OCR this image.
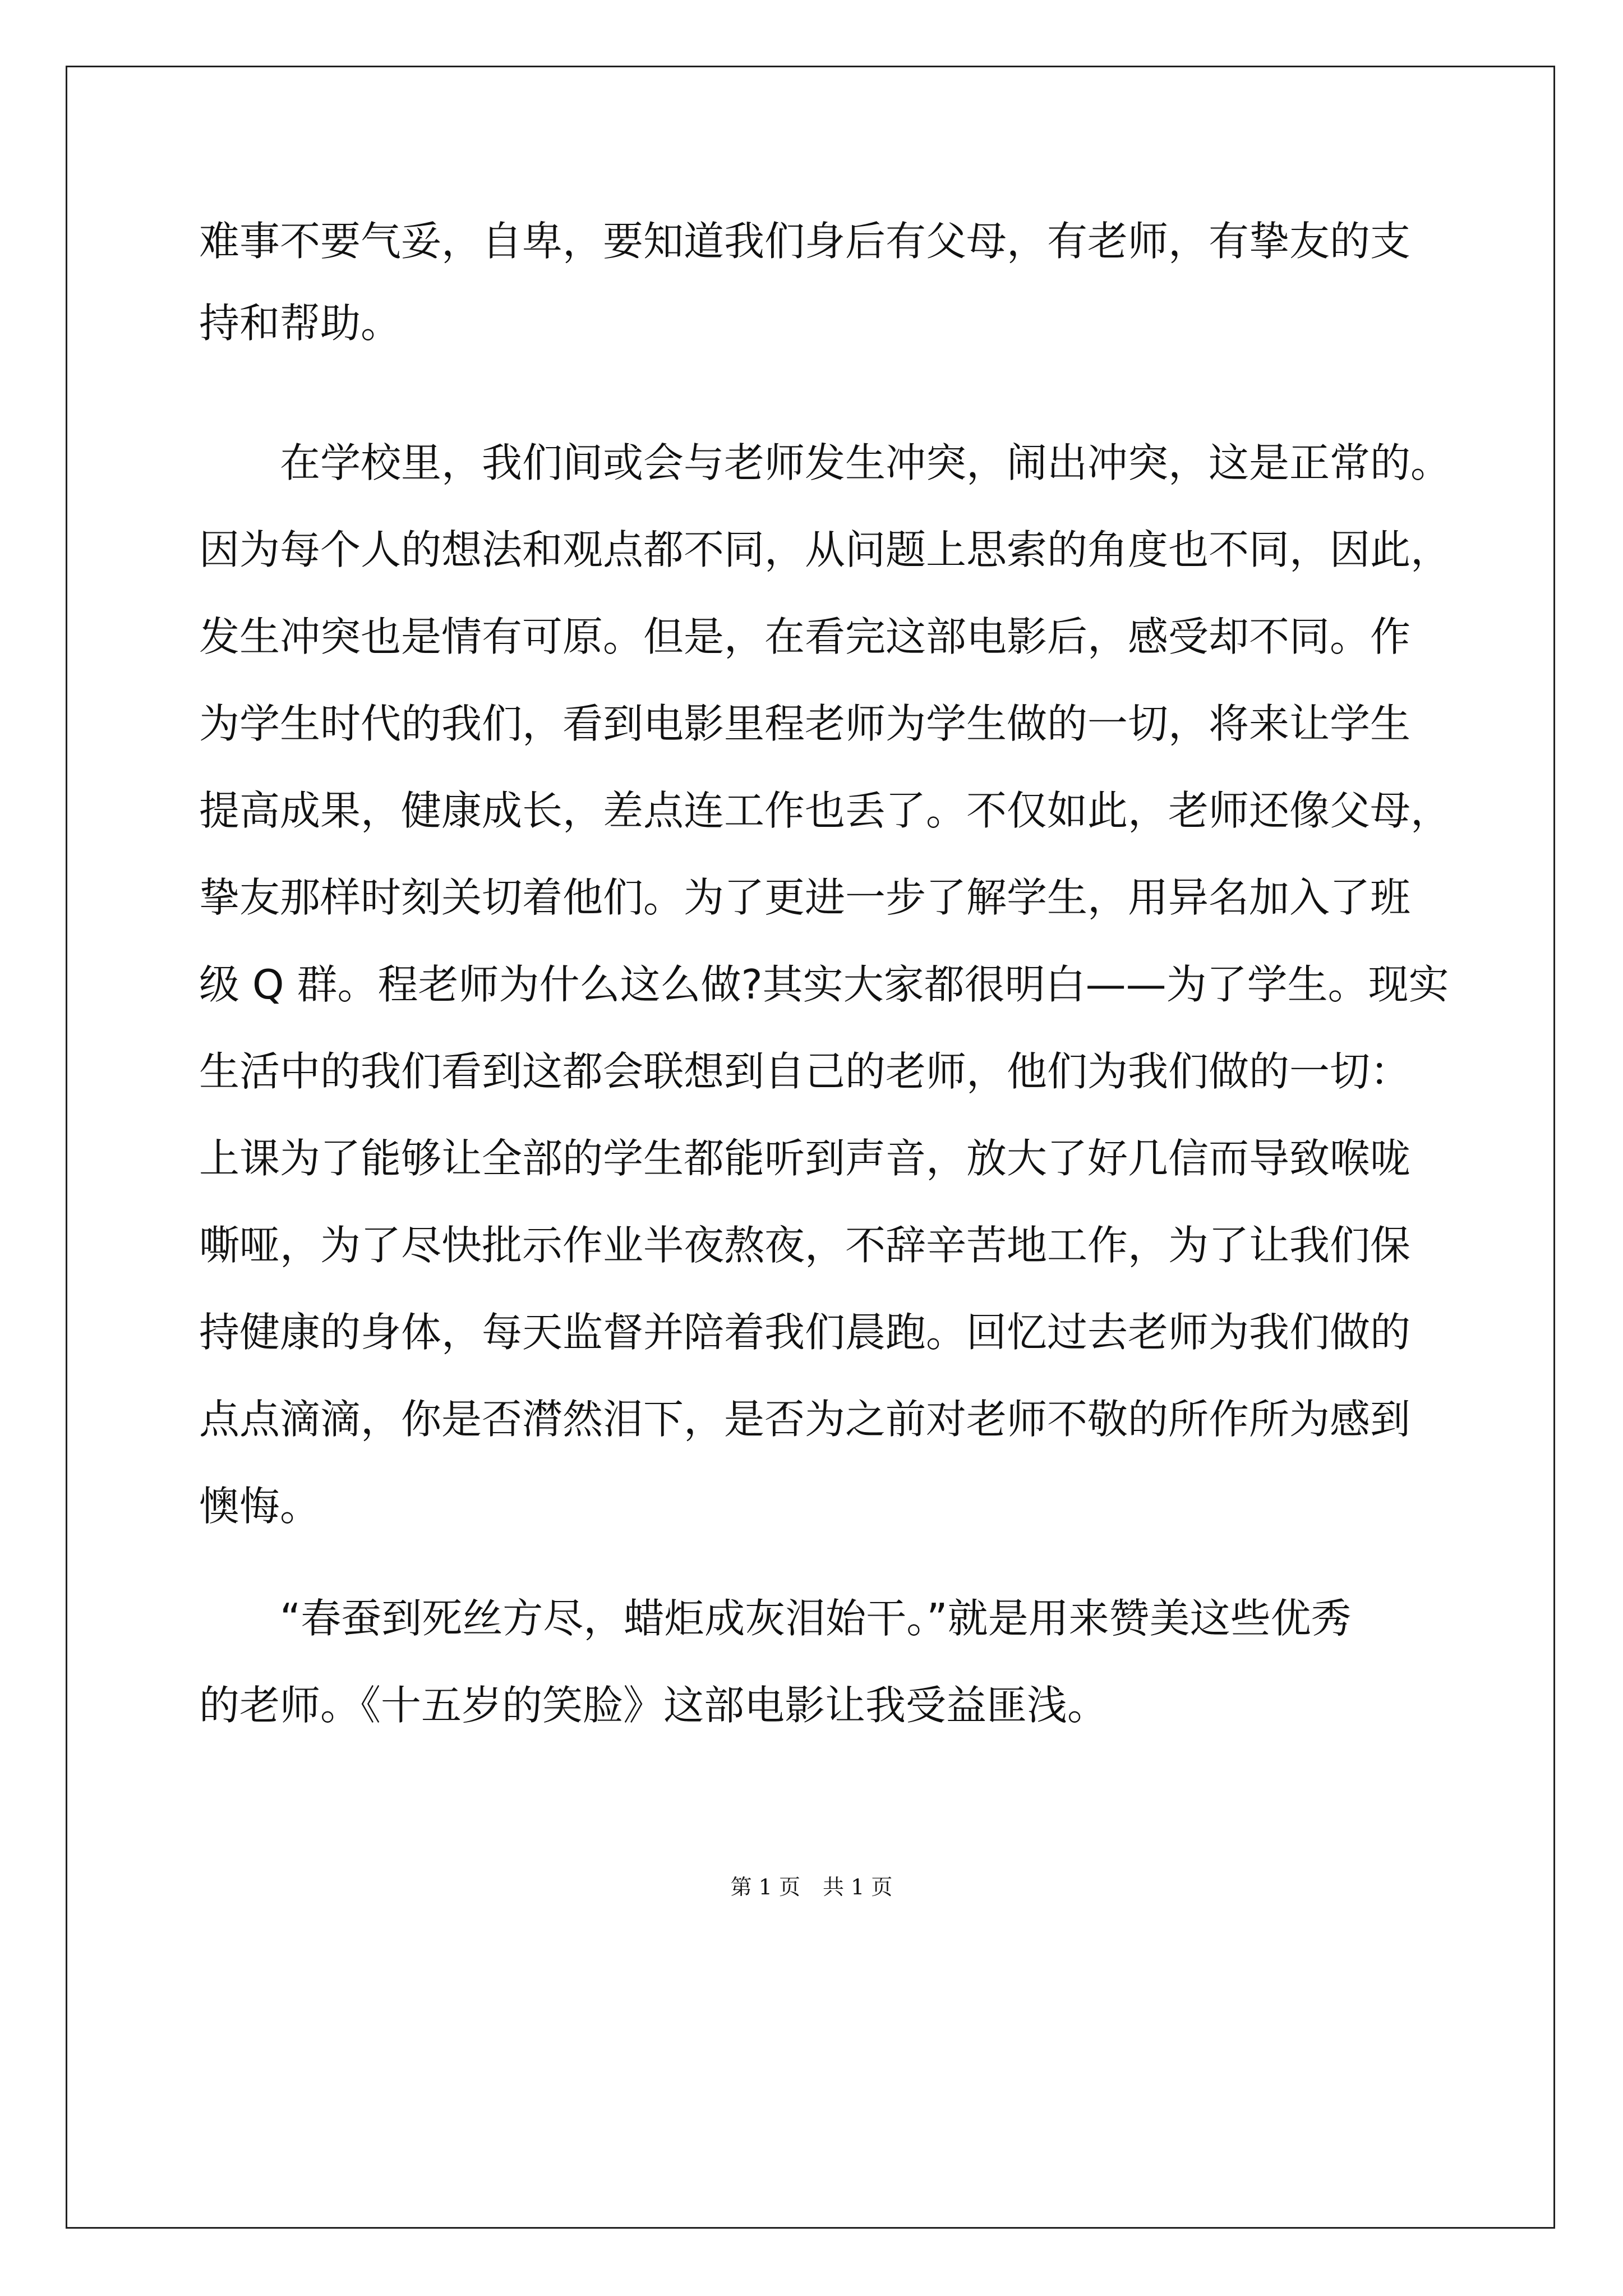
难事不要气妥，自卑，要知道我们身后有父母，有老师，有挚友的支
持和帮助。
　　在学校里，我们间或会与老师发生冲突，闹出冲突，这是正常的。
因为每个人的想法和观点都不同，从问题上思索的角度也不同，因此，
发生冲突也是情有可原。但是，在看完这部电影后，感受却不同。作
为学生时代的我们，看到电影里程老师为学生做的一切，将来让学生
提高成果，健康成长，差点连工作也丢了。不仅如此，老师还像父母，
挚友那样时刻关切着他们。为了更进一步了解学生，用异名加入了班
级 Q 群。程老师为什么这么做?其实大家都很明白——为了学生。现实
生活中的我们看到这都会联想到自己的老师，他们为我们做的一切：
上课为了能够让全部的学生都能听到声音，放大了好几信而导致喉咙
嘶哑，为了尽快批示作业半夜熬夜，不辞辛苦地工作，为了让我们保
持健康的身体，每天监督并陪着我们晨跑。回忆过去老师为我们做的
点点滴滴，你是否潸然泪下，是否为之前对老师不敬的所作所为感到
懊悔。
　　“春蚕到死丝方尽，蜡炬成灰泪始干。”就是用来赞美这些优秀
的老师。《十五岁的笑脸》这部电影让我受益匪浅。
第 1 页 共 1 页
